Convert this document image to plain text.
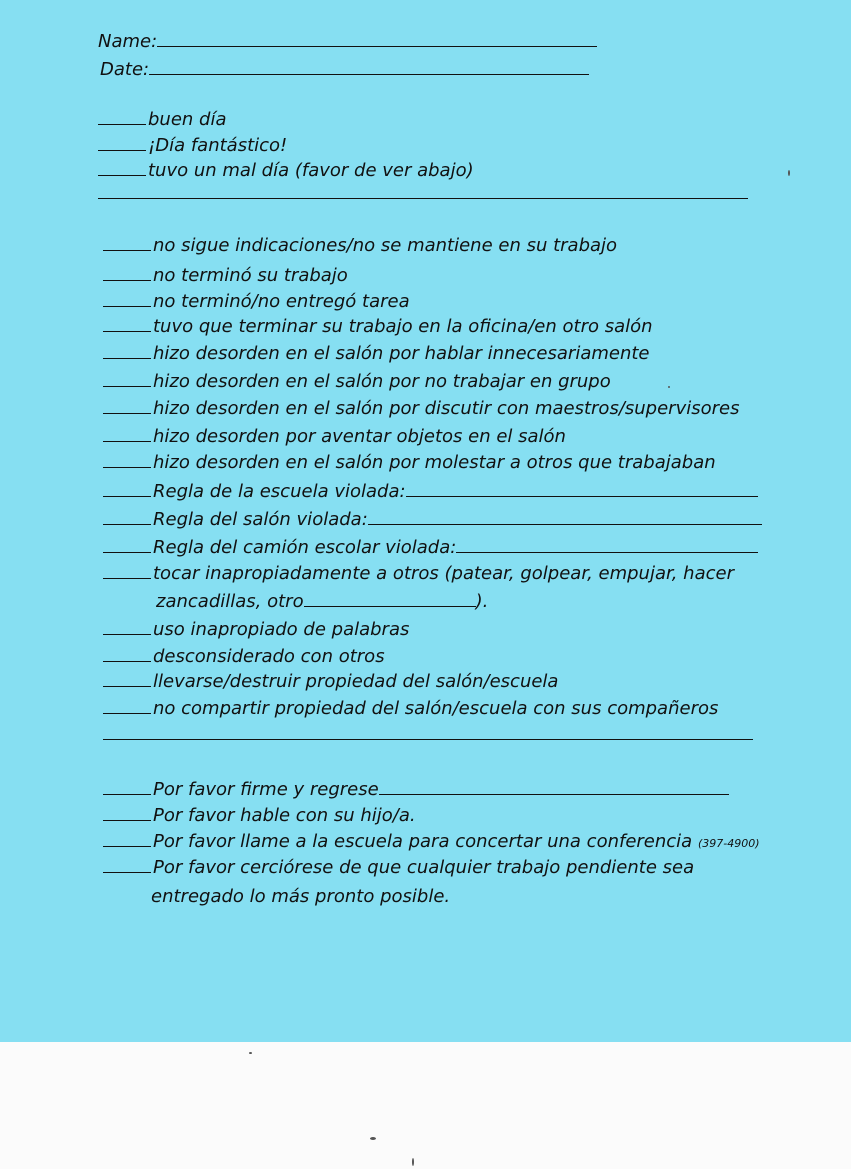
Name:
Date:
buen día
¡Día fantástico!
tuvo un mal día (favor de ver abajo)
no sigue indicaciones/no se mantiene en su trabajo
no terminó su trabajo
no terminó/no entregó tarea
tuvo que terminar su trabajo en la oficina/en otro salón
hizo desorden en el salón por hablar innecesariamente
hizo desorden en el salón por no trabajar en grupo
hizo desorden en el salón por discutir con maestros/supervisores
hizo desorden por aventar objetos en el salón
hizo desorden en el salón por molestar a otros que trabajaban
Regla de la escuela violada:
Regla del salón violada:
Regla del camión escolar violada:
tocar inapropiadamente a otros (patear, golpear, empujar, hacer
zancadillas, otro	).
uso inapropiado de palabras
desconsiderado con otros
llevarse/destruir propiedad del salón/escuela
no compartir propiedad del salón/escuela con sus compañeros
Por favor firme y regrese
Por favor hable con su hijo/a.
Por favor llame a la escuela para concertar una conferencia (397-4900)
Por favor cerciórese de que cualquier trabajo pendiente sea
entregado lo más pronto posible.
